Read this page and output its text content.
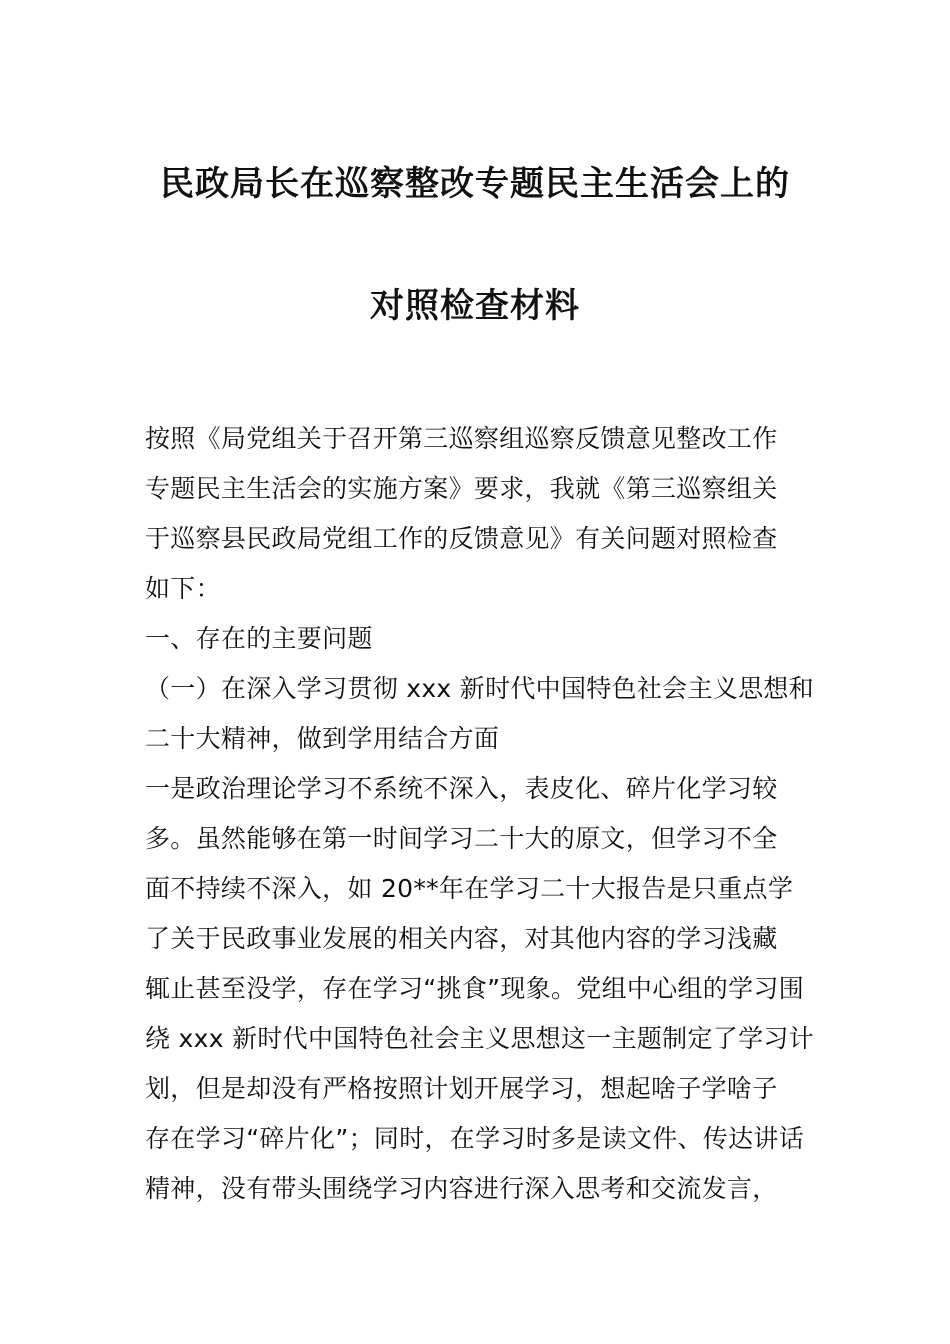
民政局长在巡察整改专题民主生活会上的
对照检查材料
按照《局党组关于召开第三巡察组巡察反馈意见整改工作
专题民主生活会的实施方案》要求，我就《第三巡察组关
于巡察县民政局党组工作的反馈意见》有关问题对照检查
如下：
一、存在的主要问题
（一）在深入学习贯彻 xxx 新时代中国特色社会主义思想和
二十大精神，做到学用结合方面
一是政治理论学习不系统不深入，表皮化、碎片化学习较
多。虽然能够在第一时间学习二十大的原文，但学习不全
面不持续不深入，如 20**年在学习二十大报告是只重点学
了关于民政事业发展的相关内容，对其他内容的学习浅藏
辄止甚至没学，存在学习“挑食”现象。党组中心组的学习围
绕 xxx 新时代中国特色社会主义思想这一主题制定了学习计
划，但是却没有严格按照计划开展学习，想起啥子学啥子
存在学习“碎片化”；同时，在学习时多是读文件、传达讲话
精神，没有带头围绕学习内容进行深入思考和交流发言，
